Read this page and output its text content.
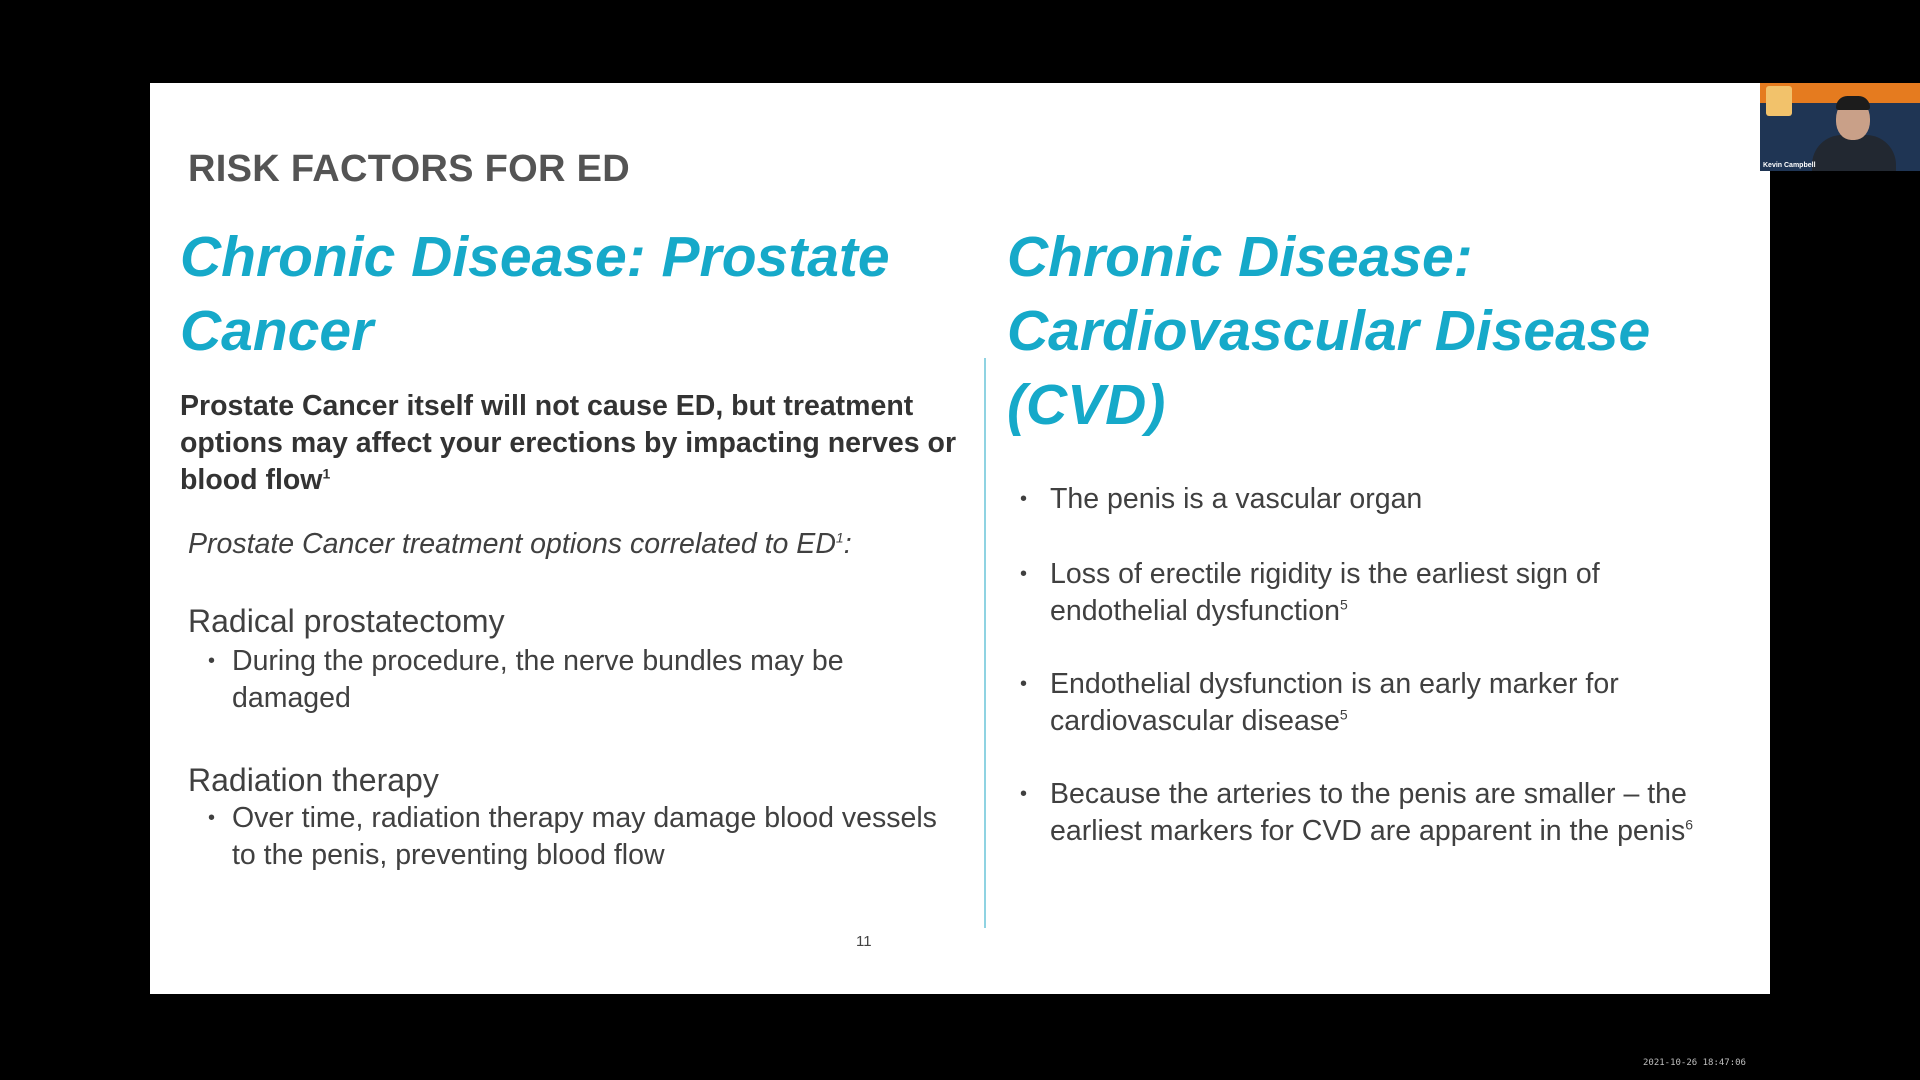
RISK FACTORS FOR ED
Chronic Disease: Prostate Cancer
Prostate Cancer itself will not cause ED, but treatment options may affect your erections by impacting nerves or blood flow$^1$
Prostate Cancer treatment options correlated to $ED^1$:
Radical prostatectomy
• During the procedure, the nerve bundles may be damaged
Radiation therapy
• Over time, radiation therapy may damage blood vessels to the penis, preventing blood flow
Chronic Disease: Cardiovascular Disease (CVD)
• The penis is a vascular organ
• Loss of erectile rigidity is the earliest sign of endothelial dysfunction$^5$
• Endothelial dysfunction is an early marker for cardiovascular disease$^5$
• Because the arteries to the penis are smaller – the earliest markers for CVD are apparent in the penis$^6$
11
Kevin Campbell
2021-10-26 18:47:06
